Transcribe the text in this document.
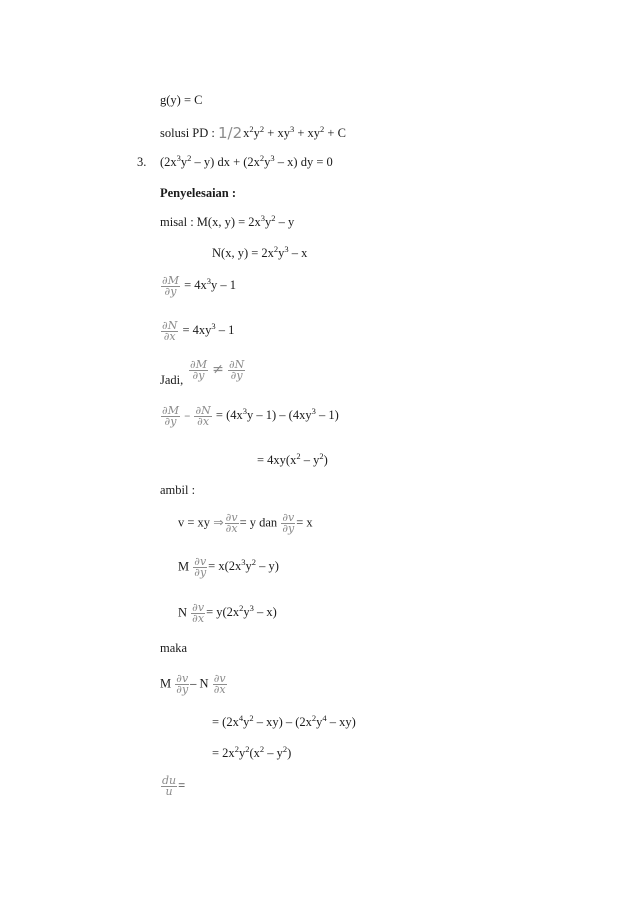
g(y) = C
solusi PD : $1/2x^2y^2 + xy^3 + xy^2 + C$
3. $(2x^3y^2 - y)$ dx + $(2x^2y^3 - x)$ dy = 0
Penyelesaian :
misal : M(x, $y) = 2x^3y^2 - y$
N(x, $y) = 2x^2y^3 - x$
$\frac{\partial M}{\partial y} = 4x^3y - 1$
$\frac{\partial N}{\partial x} = 4xy^3 - 1$
Jadi, $\frac{\partial M}{\partial y} \ne \frac{\partial N}{\partial y}$
$\frac{\partial M}{\partial y} - \frac{\partial N}{\partial x} = (4x^3y - 1) - (4xy^3 - 1)$
= $4xy(x^2 - y^2)$
ambil :
v = xy ⇒ $\frac{\partial v}{\partial x} = y$ dan $\frac{\partial v}{\partial y} = x$
M $\frac{\partial v}{\partial y} = x(2x^3y^2 - y)$
N $\frac{\partial v}{\partial x} = y(2x^2y^3 - x)$
maka
M $\frac{\partial v}{\partial y}$ – N $\frac{\partial v}{\partial x}$
= $(2x^4y^2 - xy) - (2x^2y^4 - xy)$
= $2x^2y^2(x^2 - y^2)$
$\frac{du}{u}$ =
